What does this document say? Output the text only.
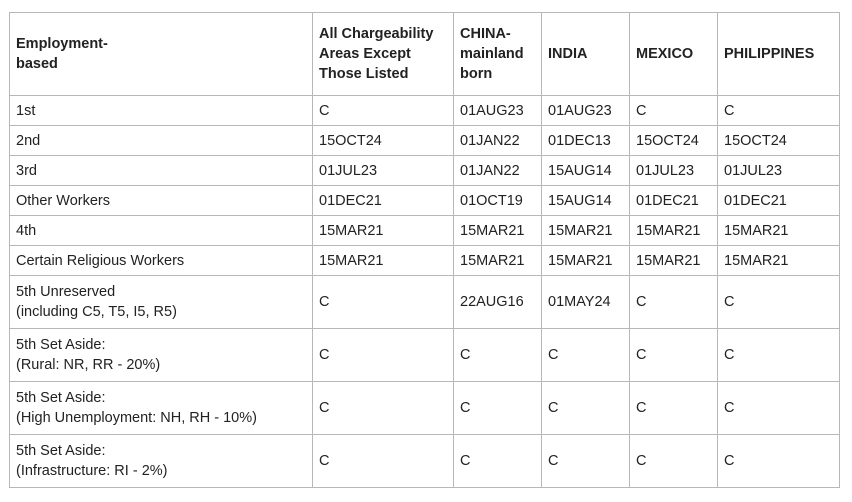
Employment-
based	All Chargeability
Areas Except
Those Listed	CHINA-
mainland
born	INDIA	MEXICO	PHILIPPINES
1st	C	01AUG23	01AUG23	C	C
2nd	15OCT24	01JAN22	01DEC13	15OCT24	15OCT24
3rd	01JUL23	01JAN22	15AUG14	01JUL23	01JUL23
Other Workers	01DEC21	01OCT19	15AUG14	01DEC21	01DEC21
4th	15MAR21	15MAR21	15MAR21	15MAR21	15MAR21
Certain Religious Workers	15MAR21	15MAR21	15MAR21	15MAR21	15MAR21
5th Unreserved
(including C5, T5, I5, R5)	C	22AUG16	01MAY24	C	C
5th Set Aside:
(Rural: NR, RR - 20%)	C	C	C	C	C
5th Set Aside:
(High Unemployment: NH, RH - 10%)	C	C	C	C	C
5th Set Aside:
(Infrastructure: RI - 2%)	C	C	C	C	C
